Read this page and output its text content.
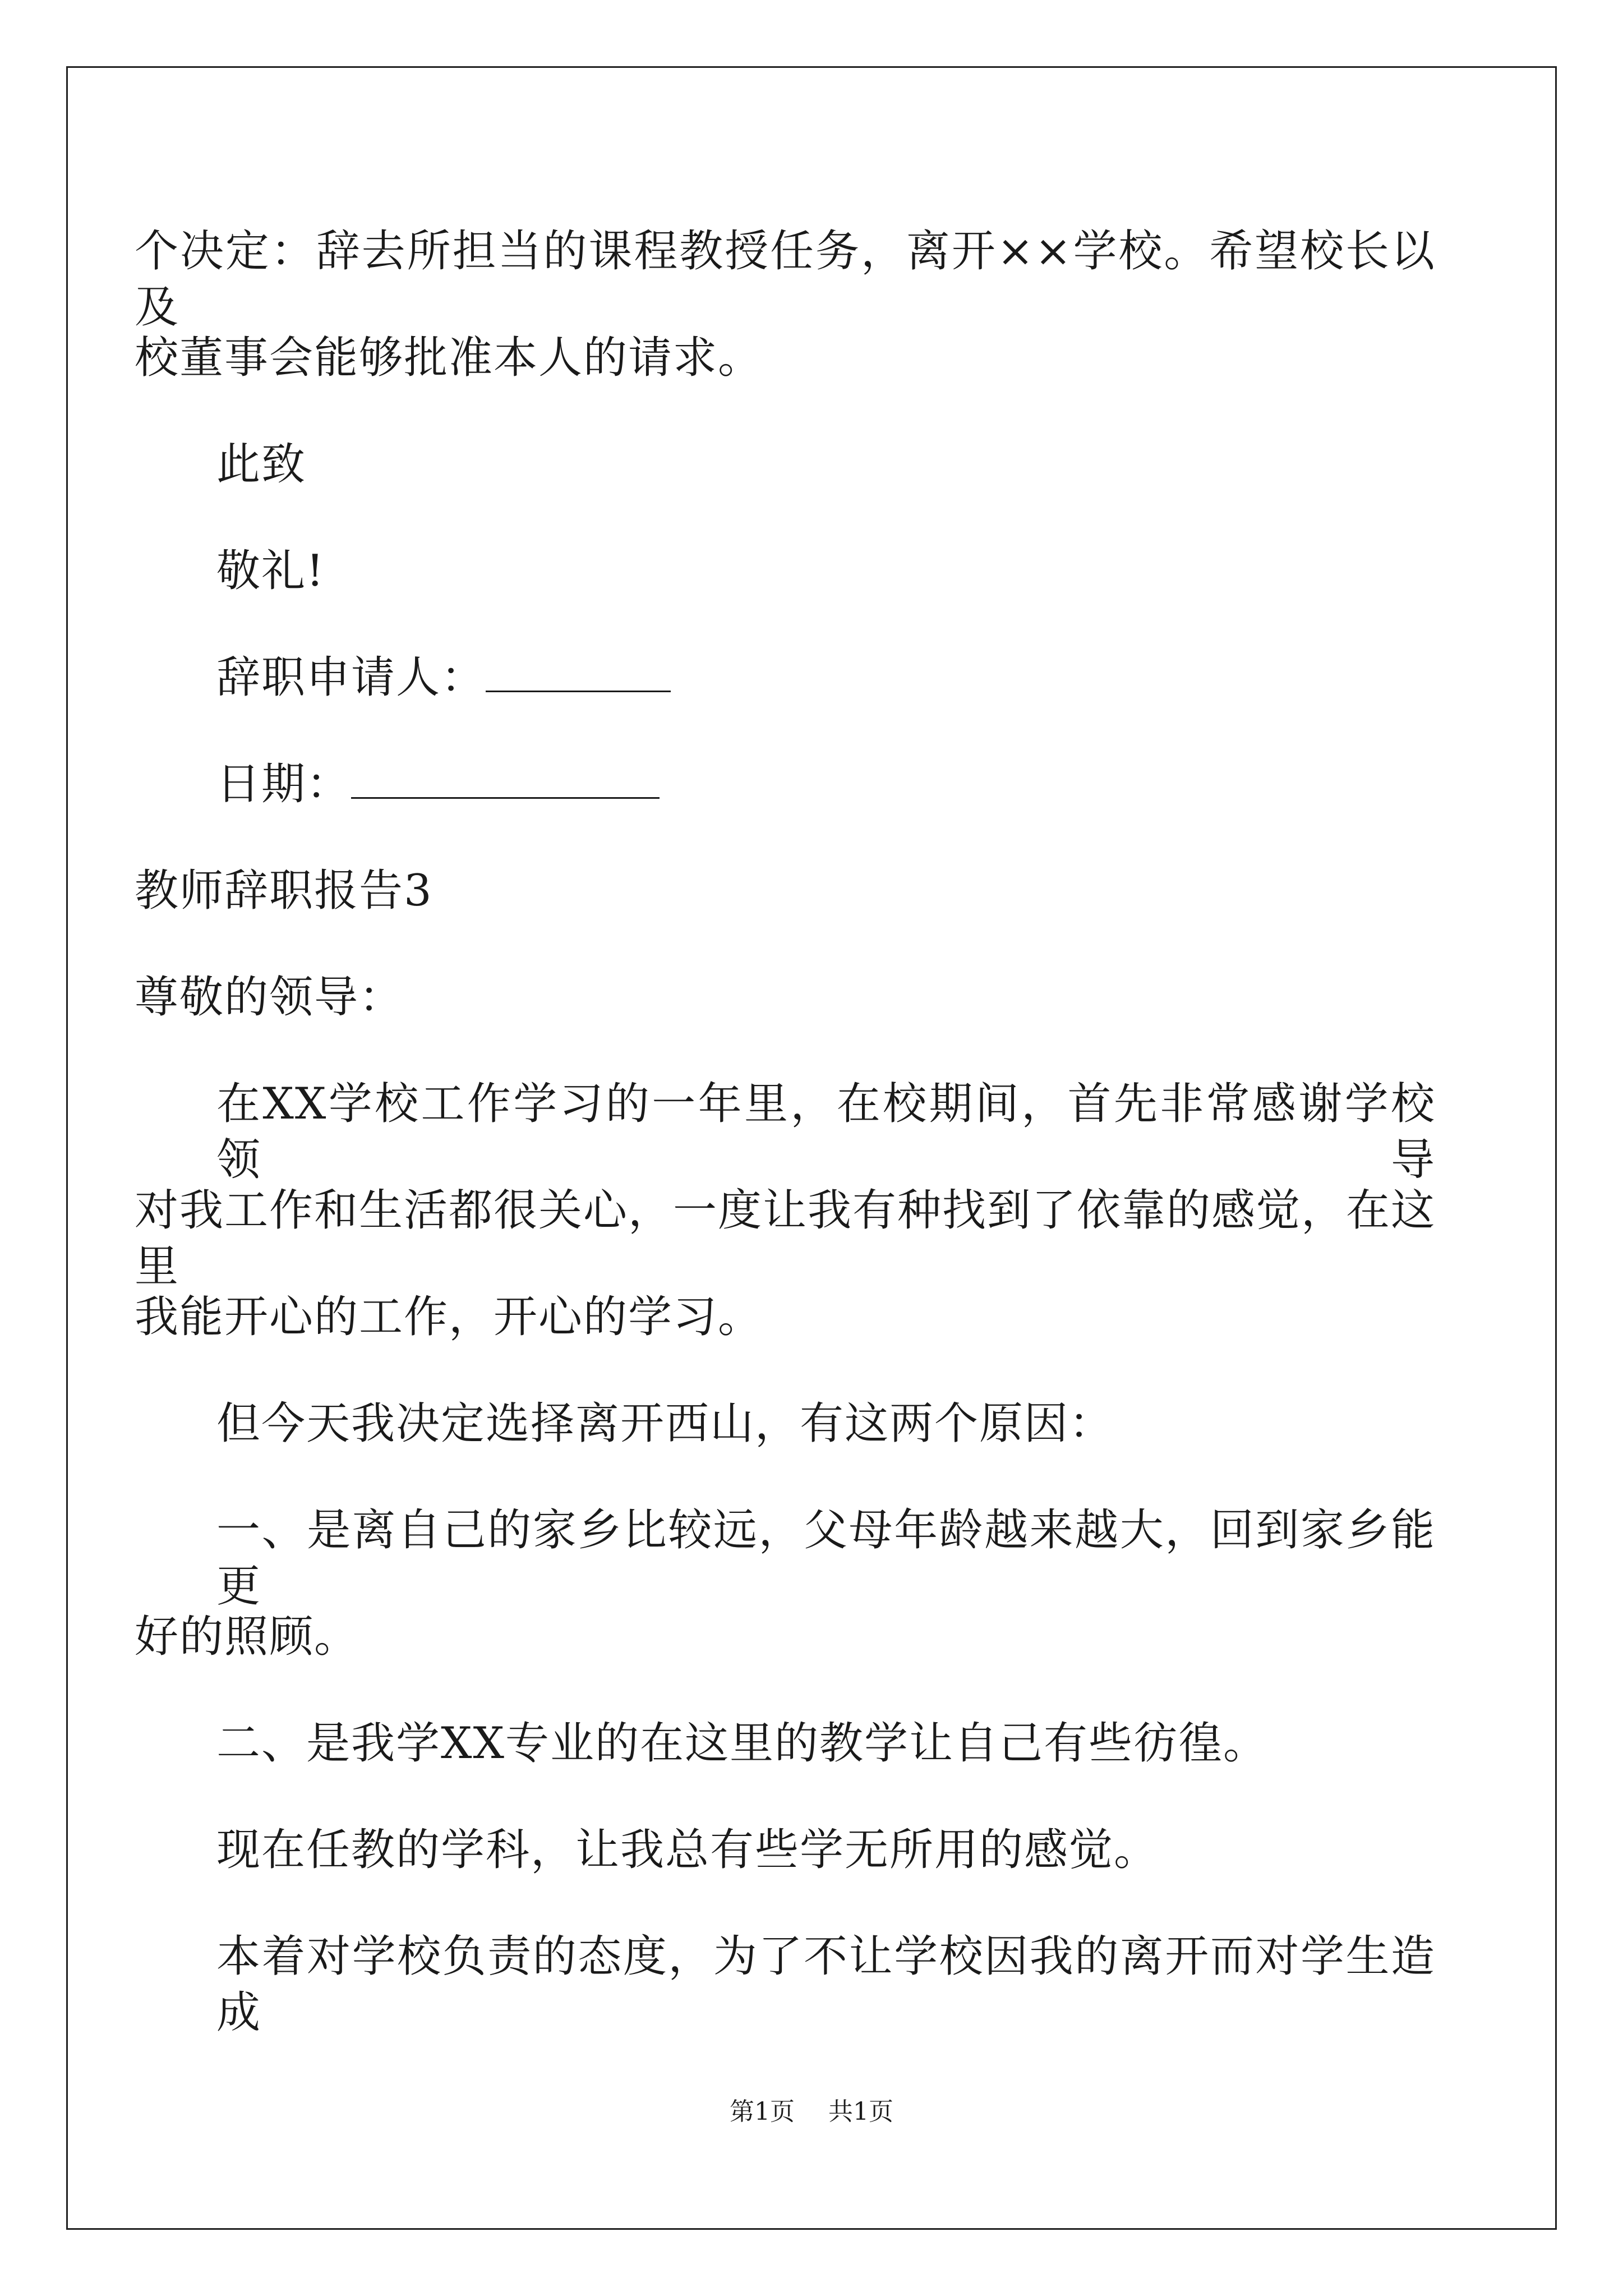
个决定：辞去所担当的课程教授任务，离开××学校。希望校长以及
校董事会能够批准本人的请求。
此致
敬礼!
辞职申请人：
日期：
教师辞职报告3
尊敬的领导：
在XX学校工作学习的一年里，在校期间，首先非常感谢学校领导
对我工作和生活都很关心，一度让我有种找到了依靠的感觉，在这里
我能开心的工作，开心的学习。
但今天我决定选择离开西山，有这两个原因：
一、是离自己的家乡比较远，父母年龄越来越大，回到家乡能更
好的照顾。
二、是我学XX专业的在这里的教学让自己有些彷徨。
现在任教的学科，让我总有些学无所用的感觉。
本着对学校负责的态度，为了不让学校因我的离开而对学生造成
第1页 共1页
